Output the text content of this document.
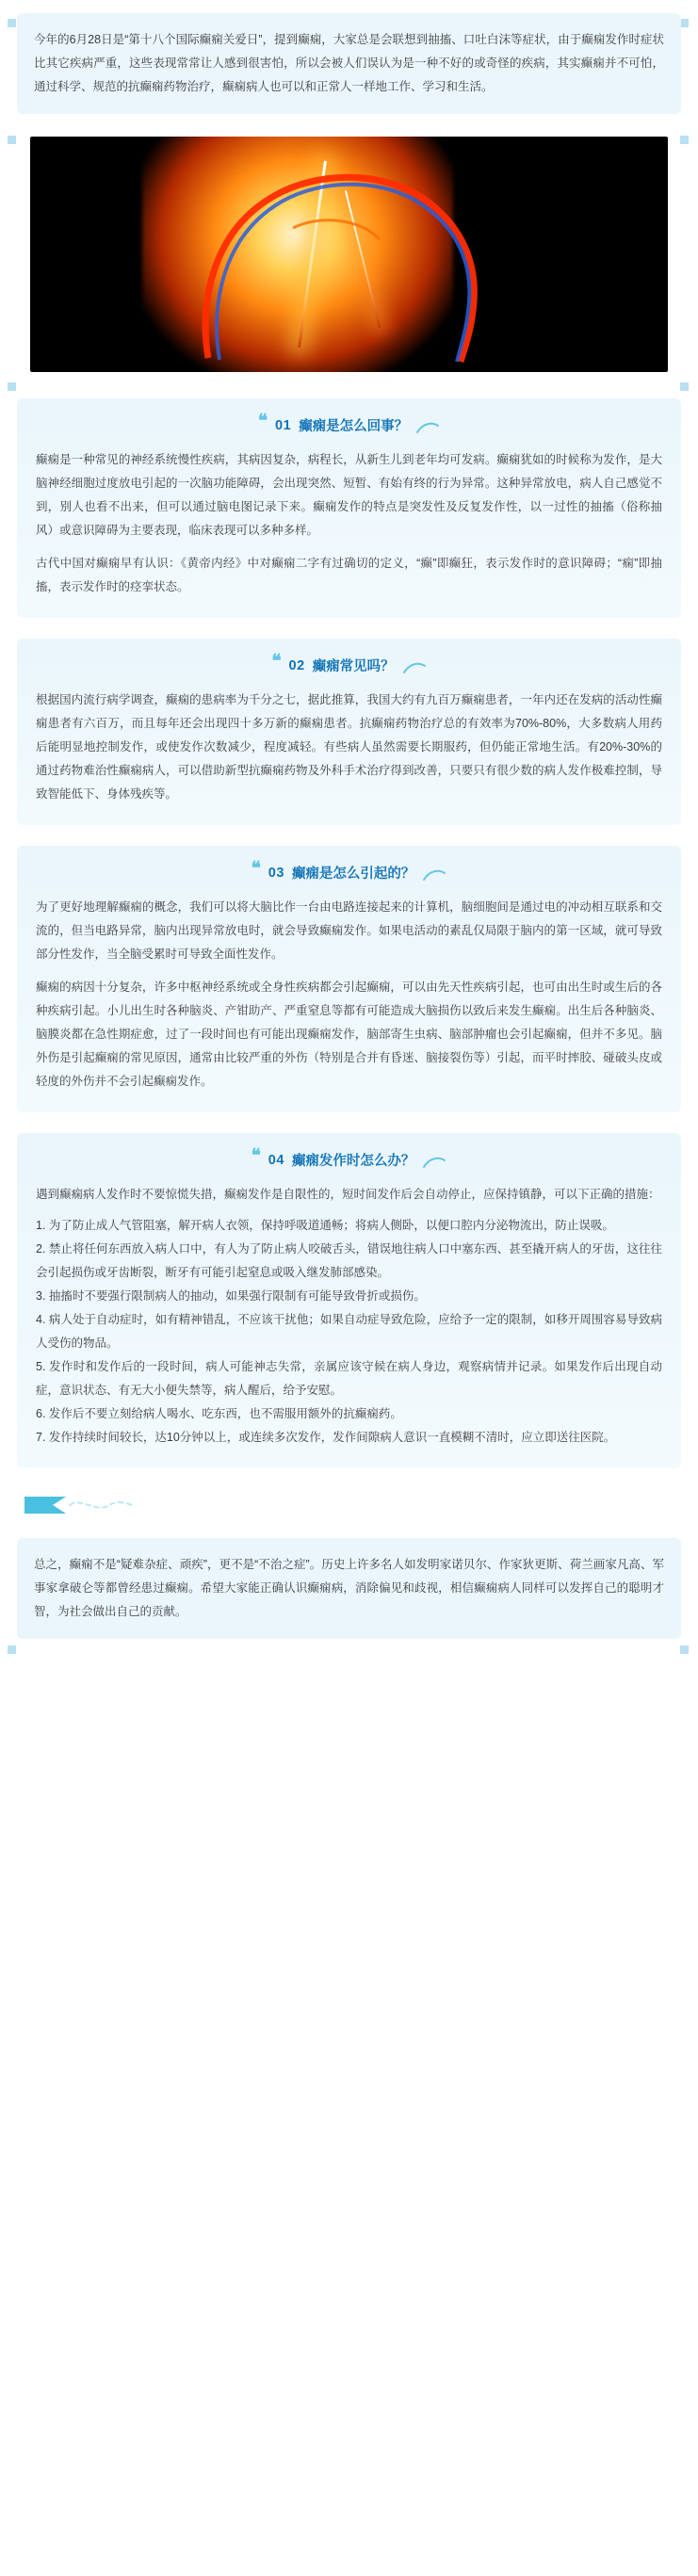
今年的6月28日是“第十八个国际癫痫关爱日”，提到癫痫，大家总是会联想到抽搐、口吐白沫等症状，由于癫痫发作时症状比其它疾病严重，这些表现常常让人感到很害怕，所以会被人们误认为是一种不好的或奇怪的疾病，其实癫痫并不可怕，通过科学、规范的抗癫痫药物治疗，癫痫病人也可以和正常人一样地工作、学习和生活。
❝ 01 癫痫是怎么回事？

癫痫是一种常见的神经系统慢性疾病，其病因复杂，病程长，从新生儿到老年均可发病。癫痫犹如的时候称为发作，是大脑神经细胞过度放电引起的一次脑功能障碍，会出现突然、短暂、有始有终的行为异常。这种异常放电，病人自己感觉不到，别人也看不出来，但可以通过脑电图记录下来。癫痫发作的特点是突发性及反复发作性，以一过性的抽搐（俗称抽风）或意识障碍为主要表现，临床表现可以多种多样。

古代中国对癫痫早有认识：《黄帝内经》中对癫痫二字有过确切的定义，“癫”即癫狂，表示发作时的意识障碍；“痫”即抽搐，表示发作时的痉挛状态。

❝ 02 癫痫常见吗？

根据国内流行病学调查，癫痫的患病率为千分之七，据此推算，我国大约有九百万癫痫患者，一年内还在发病的活动性癫痫患者有六百万，而且每年还会出现四十多万新的癫痫患者。抗癫痫药物治疗总的有效率为70%-80%，大多数病人用药后能明显地控制发作，或使发作次数减少，程度减轻。有些病人虽然需要长期服药，但仍能正常地生活。有20%-30%的通过药物难治性癫痫病人，可以借助新型抗癫痫药物及外科手术治疗得到改善，只要只有很少数的病人发作极难控制，导致智能低下、身体残疾等。

❝ 03 癫痫是怎么引起的？

为了更好地理解癫痫的概念，我们可以将大脑比作一台由电路连接起来的计算机，脑细胞间是通过电的冲动相互联系和交流的，但当电路异常，脑内出现异常放电时，就会导致癫痫发作。如果电活动的素乱仅局限于脑内的第一区域，就可导致部分性发作，当全脑受累时可导致全面性发作。

癫痫的病因十分复杂，许多中枢神经系统或全身性疾病都会引起癫痫，可以由先天性疾病引起，也可由出生时或生后的各种疾病引起。小儿出生时各种脑炎、产钳助产、严重窒息等都有可能造成大脑损伤以致后来发生癫痫。出生后各种脑炎、脑膜炎都在急性期症愈，过了一段时间也有可能出现癫痫发作，脑部寄生虫病、脑部肿瘤也会引起癫痫，但并不多见。脑外伤是引起癫痫的常见原因，通常由比较严重的外伤（特别是合并有昏迷、脑接裂伤等）引起，而平时摔胶、碰破头皮或轻度的外伤并不会引起癫痫发作。

❝ 04 癫痫发作时怎么办？

遇到癫痫病人发作时不要惊慌失措，癫痫发作是自限性的，短时间发作后会自动停止，应保持镇静，可以下正确的措施：

1. 为了防止成人气管阻塞，解开病人衣领，保持呼吸道通畅；将病人侧卧，以便口腔内分泌物流出，防止误吸。
2. 禁止将任何东西放入病人口中，有人为了防止病人咬破舌头，错误地往病人口中塞东西、甚至撬开病人的牙齿，这往往会引起损伤或牙齿断裂，断牙有可能引起窒息或吸入继发肺部感染。
3. 抽搐时不要强行限制病人的抽动，如果强行限制有可能导致骨折或损伤。
4. 病人处于自动症时，如有精神错乱，不应该干扰他；如果自动症导致危险，应给予一定的限制，如移开周围容易导致病人受伤的物品。
5. 发作时和发作后的一段时间，病人可能神志失常，亲属应该守候在病人身边，观察病情并记录。如果发作后出现自动症，意识状态、有无大小便失禁等，病人醒后，给予安慰。
6. 发作后不要立刻给病人喝水、吃东西，也不需服用额外的抗癫痫药。
7. 发作持续时间较长，达10分钟以上，或连续多次发作，发作间隙病人意识一直模糊不清时，应立即送往医院。
总之，癫痫不是“疑难杂症、顽疾”，更不是“不治之症”。历史上许多名人如发明家诺贝尔、作家狄更斯、荷兰画家凡高、军事家拿破仑等都曾经患过癫痫。希望大家能正确认识癫痫病，消除偏见和歧视，相信癫痫病人同样可以发挥自己的聪明才智，为社会做出自己的贡献。
